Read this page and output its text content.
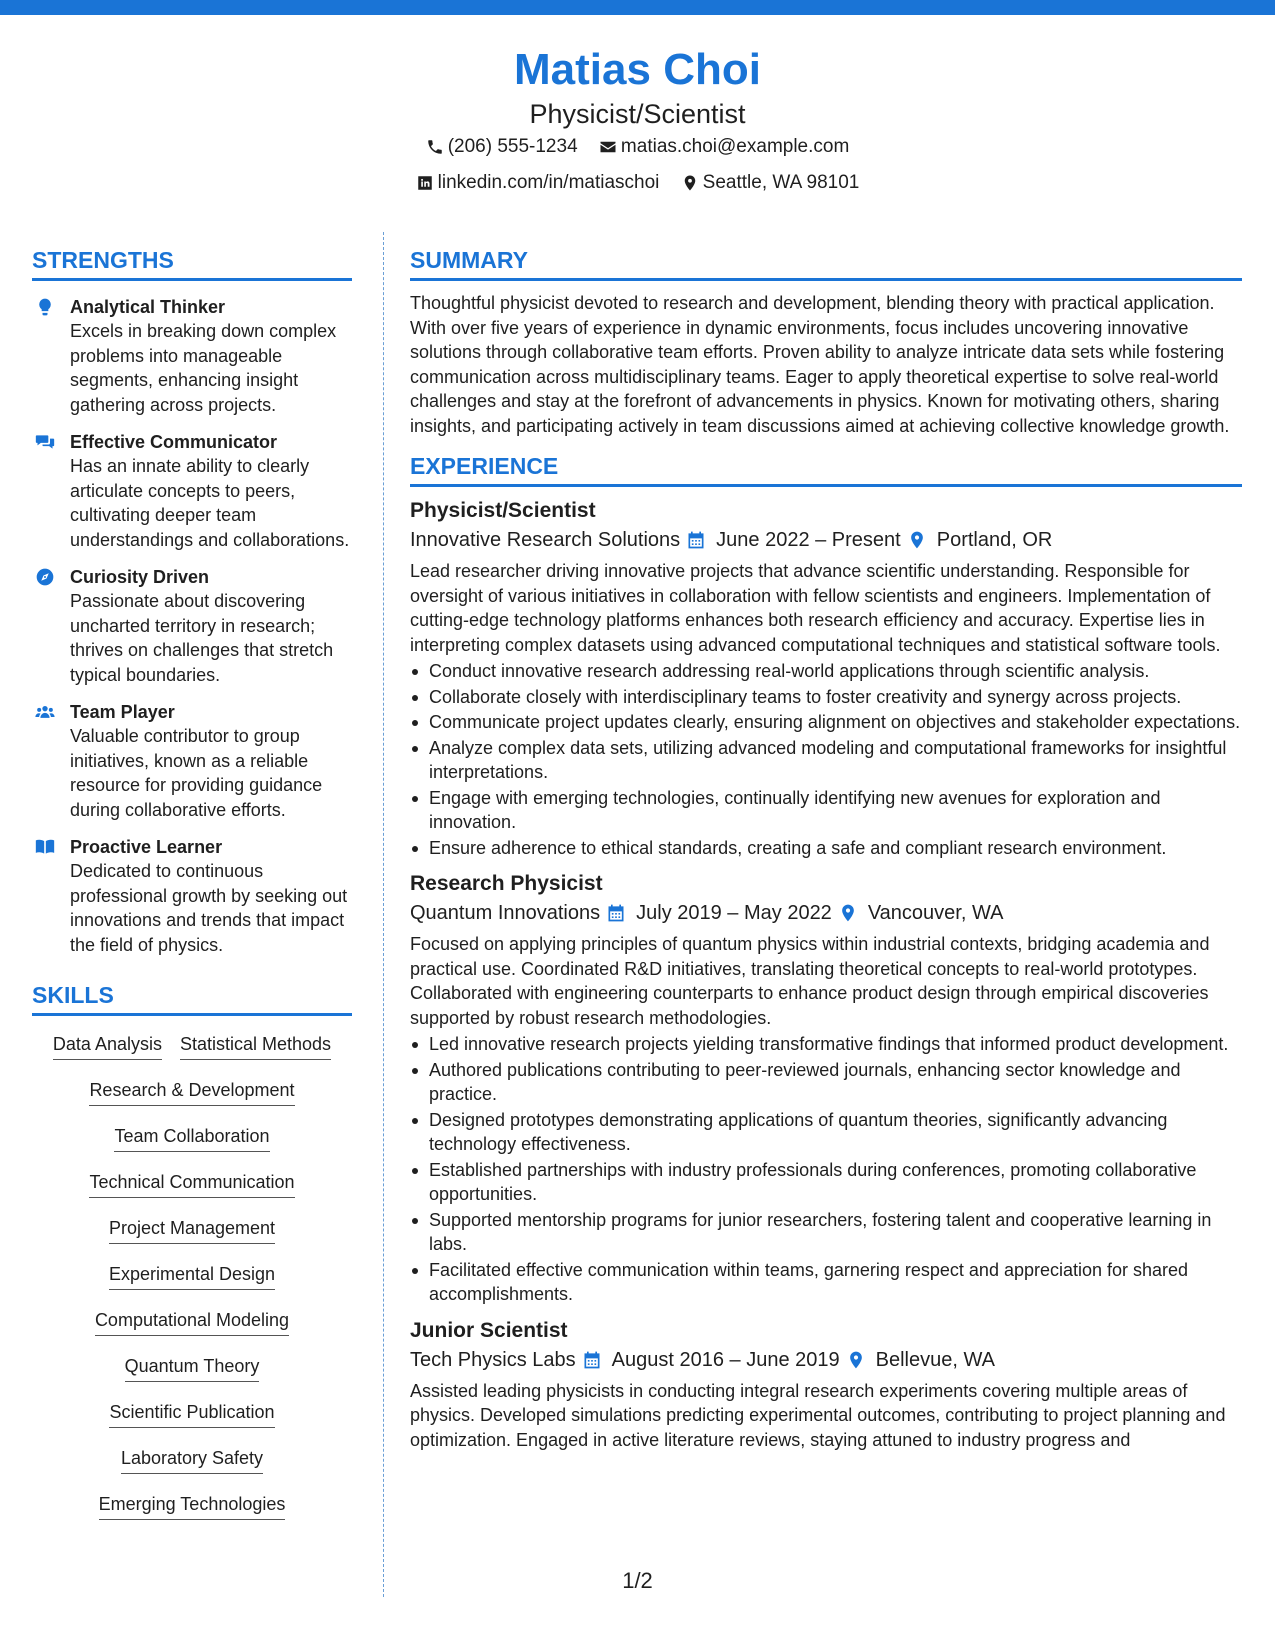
Matias Choi
Physicist/Scientist
(206) 555-1234
matias.choi@example.com
linkedin.com/in/matiaschoi
Seattle, WA 98101
STRENGTHS
Analytical Thinker
Excels in breaking down complex problems into manageable segments, enhancing insight gathering across projects.
Effective Communicator
Has an innate ability to clearly articulate concepts to peers, cultivating deeper team understandings and collaborations.
Curiosity Driven
Passionate about discovering uncharted territory in research; thrives on challenges that stretch typical boundaries.
Team Player
Valuable contributor to group initiatives, known as a reliable resource for providing guidance during collaborative efforts.
Proactive Learner
Dedicated to continuous professional growth by seeking out innovations and trends that impact the field of physics.
SKILLS
Data Analysis Statistical Methods
Research & Development
Team Collaboration
Technical Communication
Project Management
Experimental Design
Computational Modeling
Quantum Theory
Scientific Publication
Laboratory Safety
Emerging Technologies
SUMMARY

Thoughtful physicist devoted to research and development, blending theory with practical application. With over five years of experience in dynamic environments, focus includes uncovering innovative solutions through collaborative team efforts. Proven ability to analyze intricate data sets while fostering communication across multidisciplinary teams. Eager to apply theoretical expertise to solve real-world challenges and stay at the forefront of advancements in physics. Known for motivating others, sharing insights, and participating actively in team discussions aimed at achieving collective knowledge growth.

EXPERIENCE
Physicist/Scientist
Innovative Research Solutions June 2022 – Present Portland, OR

Lead researcher driving innovative projects that advance scientific understanding. Responsible for oversight of various initiatives in collaboration with fellow scientists and engineers. Implementation of cutting-edge technology platforms enhances both research efficiency and accuracy. Expertise lies in interpreting complex datasets using advanced computational techniques and statistical software tools.

Conduct innovative research addressing real-world applications through scientific analysis.
Collaborate closely with interdisciplinary teams to foster creativity and synergy across projects.
Communicate project updates clearly, ensuring alignment on objectives and stakeholder expectations.
Analyze complex data sets, utilizing advanced modeling and computational frameworks for insightful interpretations.
Engage with emerging technologies, continually identifying new avenues for exploration and innovation.
Ensure adherence to ethical standards, creating a safe and compliant research environment.
Research Physicist
Quantum Innovations July 2019 – May 2022 Vancouver, WA

Focused on applying principles of quantum physics within industrial contexts, bridging academia and practical use. Coordinated R&D initiatives, translating theoretical concepts to real-world prototypes. Collaborated with engineering counterparts to enhance product design through empirical discoveries supported by robust research methodologies.

Led innovative research projects yielding transformative findings that informed product development.
Authored publications contributing to peer-reviewed journals, enhancing sector knowledge and practice.
Designed prototypes demonstrating applications of quantum theories, significantly advancing technology effectiveness.
Established partnerships with industry professionals during conferences, promoting collaborative opportunities.
Supported mentorship programs for junior researchers, fostering talent and cooperative learning in labs.
Facilitated effective communication within teams, garnering respect and appreciation for shared accomplishments.
Junior Scientist
Tech Physics Labs August 2016 – June 2019 Bellevue, WA

Assisted leading physicists in conducting integral research experiments covering multiple areas of physics. Developed simulations predicting experimental outcomes, contributing to project planning and optimization. Engaged in active literature reviews, staying attuned to industry progress and

1/2
